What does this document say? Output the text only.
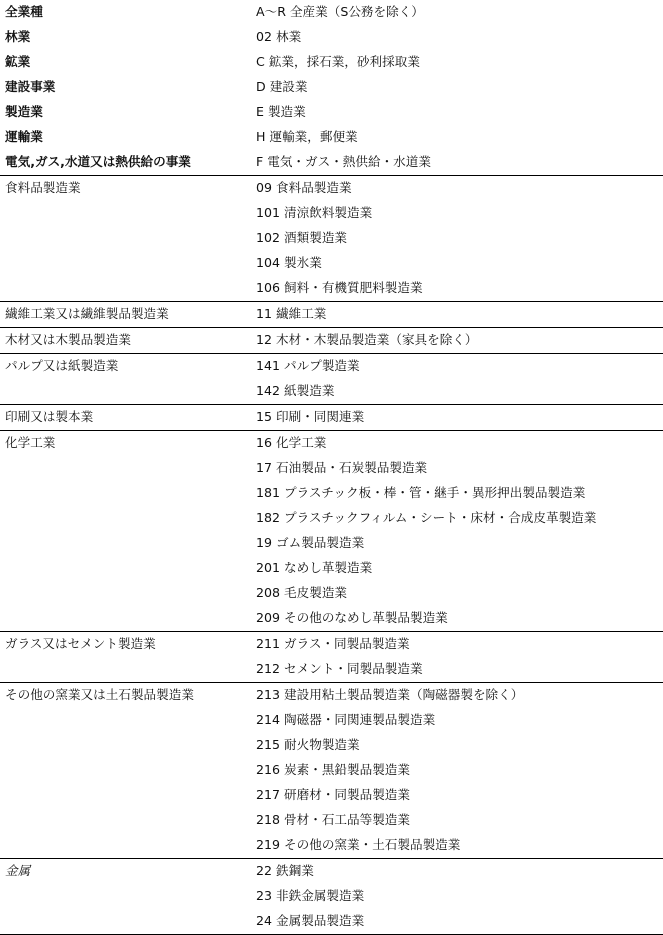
全業種	A～R 全産業（S公務を除く）
林業	02 林業
鉱業	C 鉱業，採石業，砂利採取業
建設事業	D 建設業
製造業	E 製造業
運輸業	H 運輸業，郵便業
電気,ガス,水道又は熱供給の事業	F 電気・ガス・熱供給・水道業
食料品製造業	09 食料品製造業
	101 清涼飲料製造業
	102 酒類製造業
	104 製氷業
	106 飼料・有機質肥料製造業
繊維工業又は繊維製品製造業	11 繊維工業
木材又は木製品製造業	12 木材・木製品製造業（家具を除く）
パルプ又は紙製造業	141 パルプ製造業
	142 紙製造業
印刷又は製本業	15 印刷・同関連業
化学工業	16 化学工業
	17 石油製品・石炭製品製造業
	181 プラスチック板・棒・管・継手・異形押出製品製造業
	182 プラスチックフィルム・シート・床材・合成皮革製造業
	19 ゴム製品製造業
	201 なめし革製造業
	208 毛皮製造業
	209 その他のなめし革製品製造業
ガラス又はセメント製造業	211 ガラス・同製品製造業
	212 セメント・同製品製造業
その他の窯業又は土石製品製造業	213 建設用粘土製品製造業（陶磁器製を除く）
	214 陶磁器・同関連製品製造業
	215 耐火物製造業
	216 炭素・黒鉛製品製造業
	217 研磨材・同製品製造業
	218 骨材・石工品等製造業
	219 その他の窯業・土石製品製造業
金属	22 鉄鋼業
	23 非鉄金属製造業
	24 金属製品製造業
